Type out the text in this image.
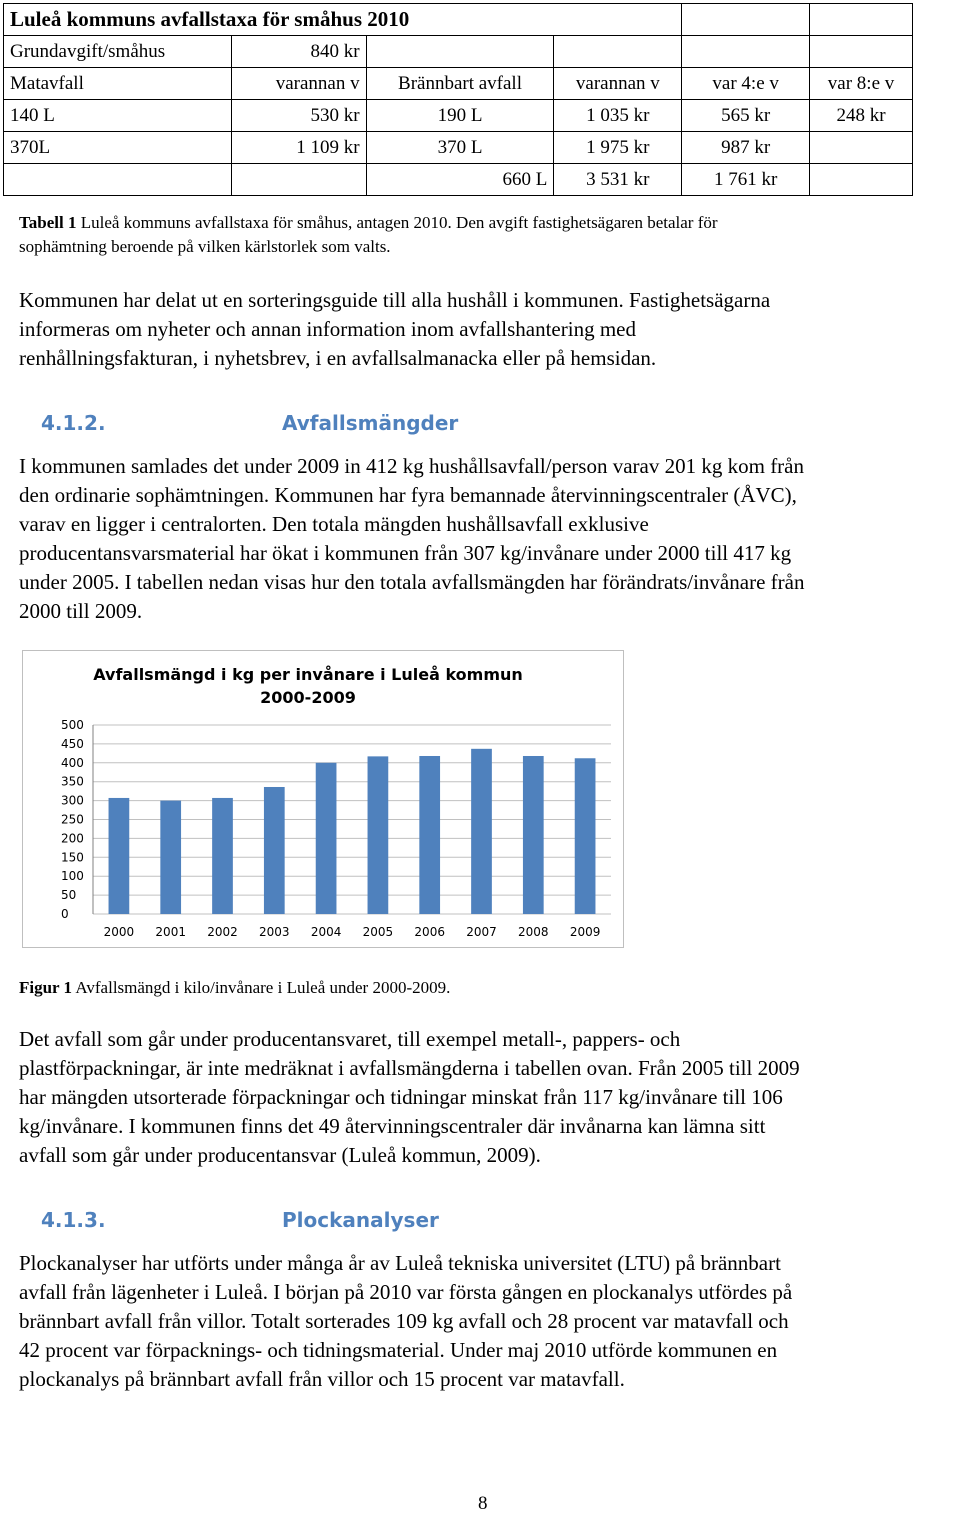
Luleå kommuns avfallstaxa för småhus 2010					
Grundavgift/småhus	840 kr				
Matavfall	varannan v	Brännbart avfall	varannan v	var 4:e v	var 8:e v
140 L	530 kr	190 L	1 035 kr	565 kr	248 kr
370L	1 109 kr	370 L	1 975 kr	987 kr	
		660 L	3 531 kr	1 761 kr	
Tabell 1 Luleå kommuns avfallstaxa för småhus, antagen 2010. Den avgift fastighetsägaren betalar för
sophämtning beroende på vilken kärlstorlek som valts.
Kommunen har delat ut en sorteringsguide till alla hushåll i kommunen. Fastighetsägarna
informeras om nyheter och annan information inom avfallshantering med
renhållningsfakturan, i nyhetsbrev, i en avfallsalmanacka eller på hemsidan.
4.1.2.	Avfallsmängder
I kommunen samlades det under 2009 in 412 kg hushållsavfall/person varav 201 kg kom från
den ordinarie sophämtningen. Kommunen har fyra bemannade återvinningscentraler (ÅVC),
varav en ligger i centralorten. Den totala mängden hushållsavfall exklusive
producentansvarsmaterial har ökat i kommunen från 307 kg/invånare under 2000 till 417 kg
under 2005. I tabellen nedan visas hur den totala avfallsmängden har förändrats/invånare från
2000 till 2009.
Avfallsmängd i kg per invånare i Luleå kommun
2000-2009
0
50
100
150
200
250
300
350
400
450
500
2000 2001 2002 2003 2004 2005 2006 2007 2008 2009
Figur 1 Avfallsmängd i kilo/invånare i Luleå under 2000-2009.
Det avfall som går under producentansvaret, till exempel metall-, pappers- och
plastförpackningar, är inte medräknat i avfallsmängderna i tabellen ovan. Från 2005 till 2009
har mängden utsorterade förpackningar och tidningar minskat från 117 kg/invånare till 106
kg/invånare. I kommunen finns det 49 återvinningscentraler där invånarna kan lämna sitt
avfall som går under producentansvar (Luleå kommun, 2009).
4.1.3.	Plockanalyser
Plockanalyser har utförts under många år av Luleå tekniska universitet (LTU) på brännbart
avfall från lägenheter i Luleå. I början på 2010 var första gången en plockanalys utfördes på
brännbart avfall från villor. Totalt sorterades 109 kg avfall och 28 procent var matavfall och
42 procent var förpacknings- och tidningsmaterial. Under maj 2010 utförde kommunen en
plockanalys på brännbart avfall från villor och 15 procent var matavfall.
8
